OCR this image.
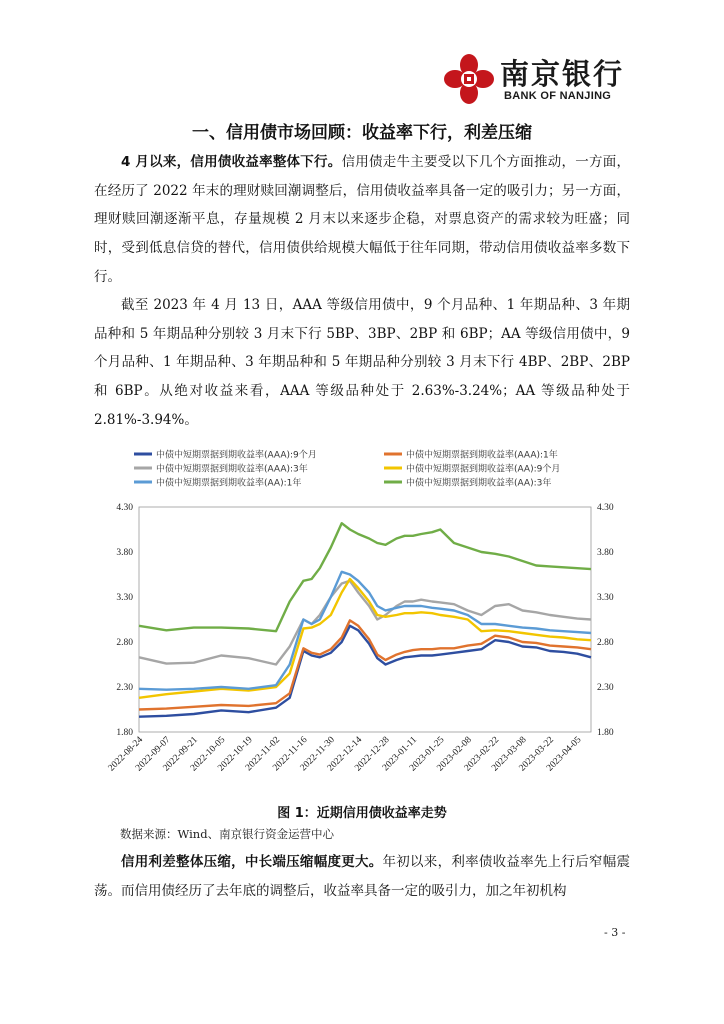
南京银行
BANK OF NANJING
一、信用债市场回顾：收益率下行，利差压缩

4 月以来，信用债收益率整体下行。信用债走牛主要受以下几个方面推动，一方面，在经历了 2022 年末的理财赎回潮调整后，信用债收益率具备一定的吸引力；另一方面，理财赎回潮逐渐平息，存量规模 2 月末以来逐步企稳，对票息资产的需求较为旺盛；同时，受到低息信贷的替代，信用债供给规模大幅低于往年同期，带动信用债收益率多数下行。

截至 2023 年 4 月 13 日，AAA 等级信用债中，9 个月品种、1 年期品种、3 年期品种和 5 年期品种分别较 3 月末下行 5BP、3BP、2BP 和 6BP；AA 等级信用债中，9 个月品种、1 年期品种、3 年期品种和 5 年期品种分别较 3 月末下行 4BP、2BP、2BP 和 6BP。从绝对收益来看，AAA 等级品种处于 2.63%-3.24%；AA 等级品种处于 2.81%-3.94%。

中债中短期票据到期收益率(AAA):9个月	中债中短期票据到期收益率(AAA):1年
中债中短期票据到期收益率(AAA):3年	中债中短期票据到期收益率(AA):9个月
中债中短期票据到期收益率(AA):1年	中债中短期票据到期收益率(AA):3年
4.30
3.80
3.30
2.80
2.30
1.80
4.30
3.80
3.30
2.80
2.30
1.80
2022-08-24
2022-09-07
2022-09-21
2022-10-05
2022-10-19
2022-11-02
2022-11-16
2022-11-30
2022-12-14
2022-12-28
2023-01-11
2023-01-25
2023-02-08
2023-02-22
2023-03-08
2023-03-22
2023-04-05
图 1：近期信用债收益率走势
数据来源：Wind、南京银行资金运营中心

信用利差整体压缩，中长端压缩幅度更大。年初以来，利率债收益率先上行后窄幅震荡。而信用债经历了去年底的调整后，收益率具备一定的吸引力，加之年初机构

- 3 -
